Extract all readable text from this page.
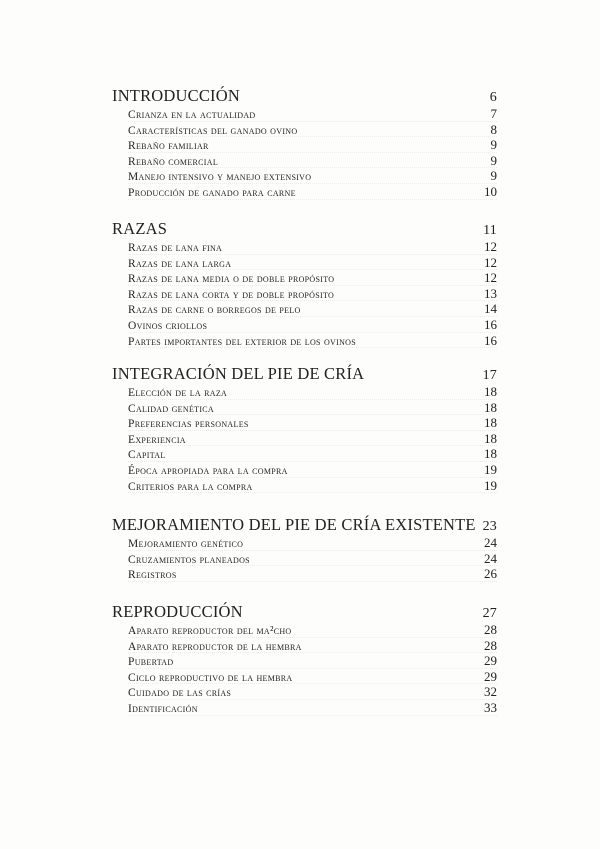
INTRODUCCIÓN	6
Crianza en la actualidad	7
Características del ganado ovino	8
Rebaño familiar	9
Rebaño comercial	9
Manejo intensivo y manejo extensivo	9
Producción de ganado para carne	10
RAZAS	11
Razas de lana fina	12
Razas de lana larga	12
Razas de lana media o de doble propósito	12
Razas de lana corta y de doble propósito	13
Razas de carne o borregos de pelo	14
Ovinos criollos	16
Partes importantes del exterior de los ovinos	16
INTEGRACIÓN DEL PIE DE CRÍA	17
Elección de la raza	18
Calidad genética	18
Preferencias personales	18
Experiencia	18
Capital	18
Época apropiada para la compra	19
Criterios para la compra	19
MEJORAMIENTO DEL PIE DE CRÍA EXISTENTE 23
Mejoramiento genético	24
Cruzamientos planeados	24
Registros	26
REPRODUCCIÓN	27
Aparato reproductor del ma²cho	28
Aparato reproductor de la hembra	28
Pubertad	29
Ciclo reproductivo de la hembra	29
Cuidado de las crías	32
Identificación	33
